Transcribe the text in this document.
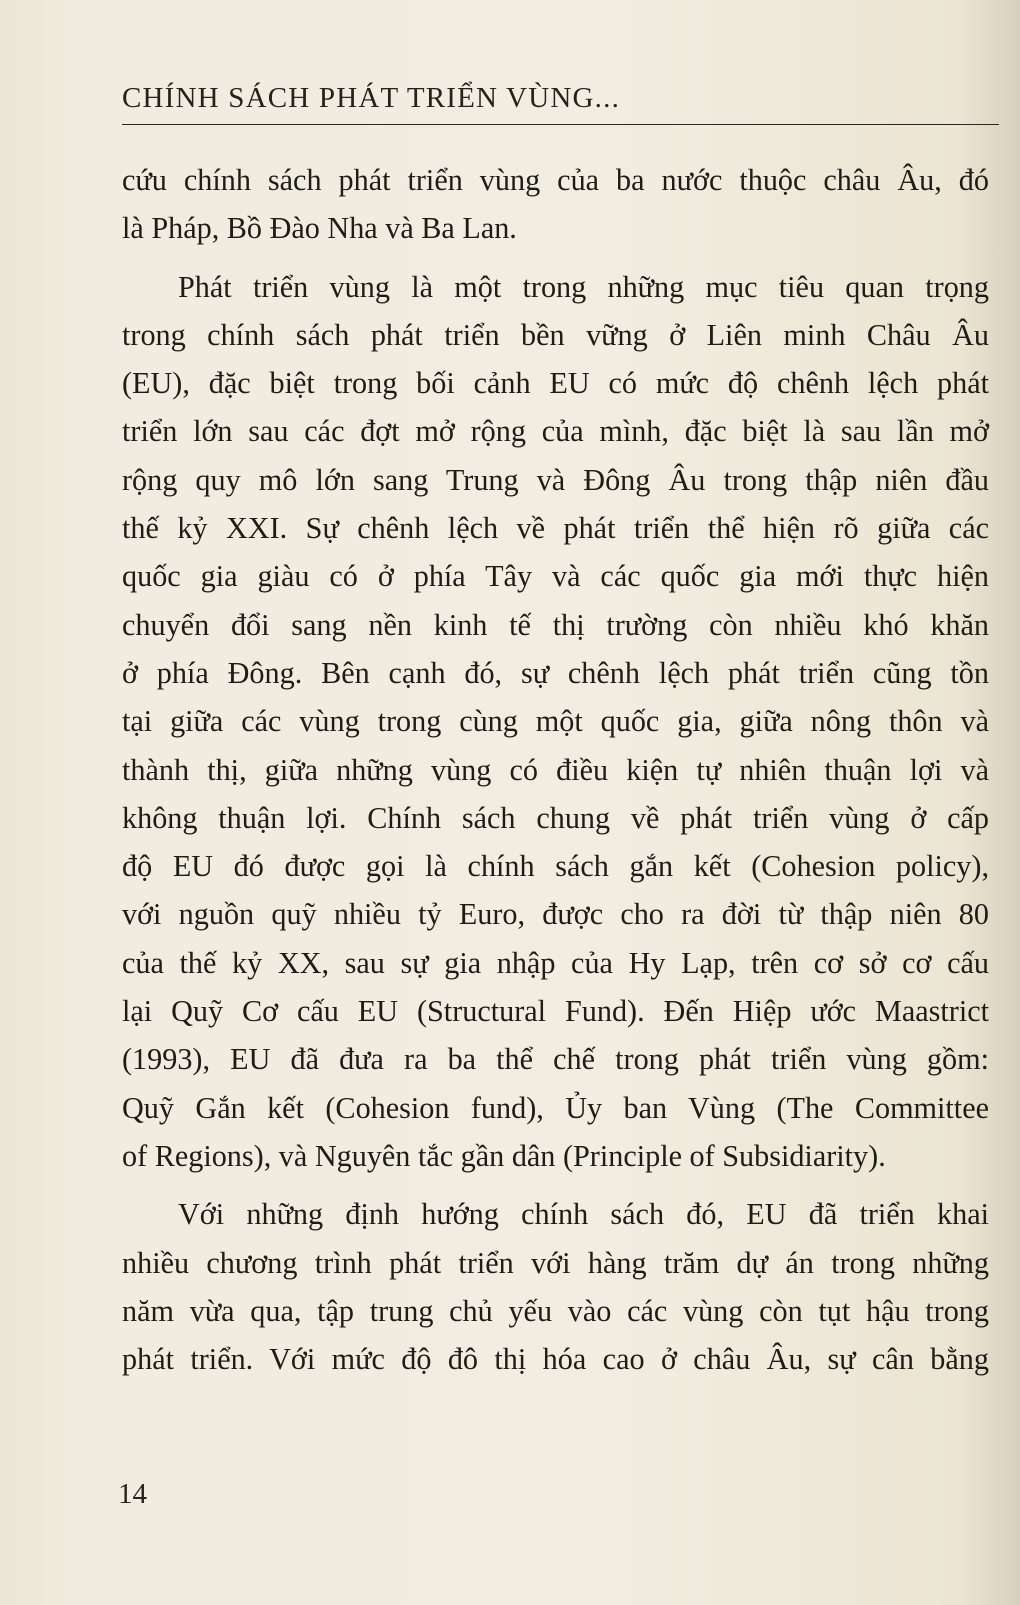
CHÍNH SÁCH PHÁT TRIỂN VÙNG...

cứu chính sách phát triển vùng của ba nước thuộc châu Âu, đó
là Pháp, Bồ Đào Nha và Ba Lan.

Phát triển vùng là một trong những mục tiêu quan trọng
trong chính sách phát triển bền vững ở Liên minh Châu Âu
(EU), đặc biệt trong bối cảnh EU có mức độ chênh lệch phát
triển lớn sau các đợt mở rộng của mình, đặc biệt là sau lần mở
rộng quy mô lớn sang Trung và Đông Âu trong thập niên đầu
thế kỷ XXI. Sự chênh lệch về phát triển thể hiện rõ giữa các
quốc gia giàu có ở phía Tây và các quốc gia mới thực hiện
chuyển đổi sang nền kinh tế thị trường còn nhiều khó khăn
ở phía Đông. Bên cạnh đó, sự chênh lệch phát triển cũng tồn
tại giữa các vùng trong cùng một quốc gia, giữa nông thôn và
thành thị, giữa những vùng có điều kiện tự nhiên thuận lợi và
không thuận lợi. Chính sách chung về phát triển vùng ở cấp
độ EU đó được gọi là chính sách gắn kết (Cohesion policy),
với nguồn quỹ nhiều tỷ Euro, được cho ra đời từ thập niên 80
của thế kỷ XX, sau sự gia nhập của Hy Lạp, trên cơ sở cơ cấu
lại Quỹ Cơ cấu EU (Structural Fund). Đến Hiệp ước Maastrict
(1993), EU đã đưa ra ba thể chế trong phát triển vùng gồm:
Quỹ Gắn kết (Cohesion fund), Ủy ban Vùng (The Committee
of Regions), và Nguyên tắc gần dân (Principle of Subsidiarity).

Với những định hướng chính sách đó, EU đã triển khai
nhiều chương trình phát triển với hàng trăm dự án trong những
năm vừa qua, tập trung chủ yếu vào các vùng còn tụt hậu trong
phát triển. Với mức độ đô thị hóa cao ở châu Âu, sự cân bằng

14
